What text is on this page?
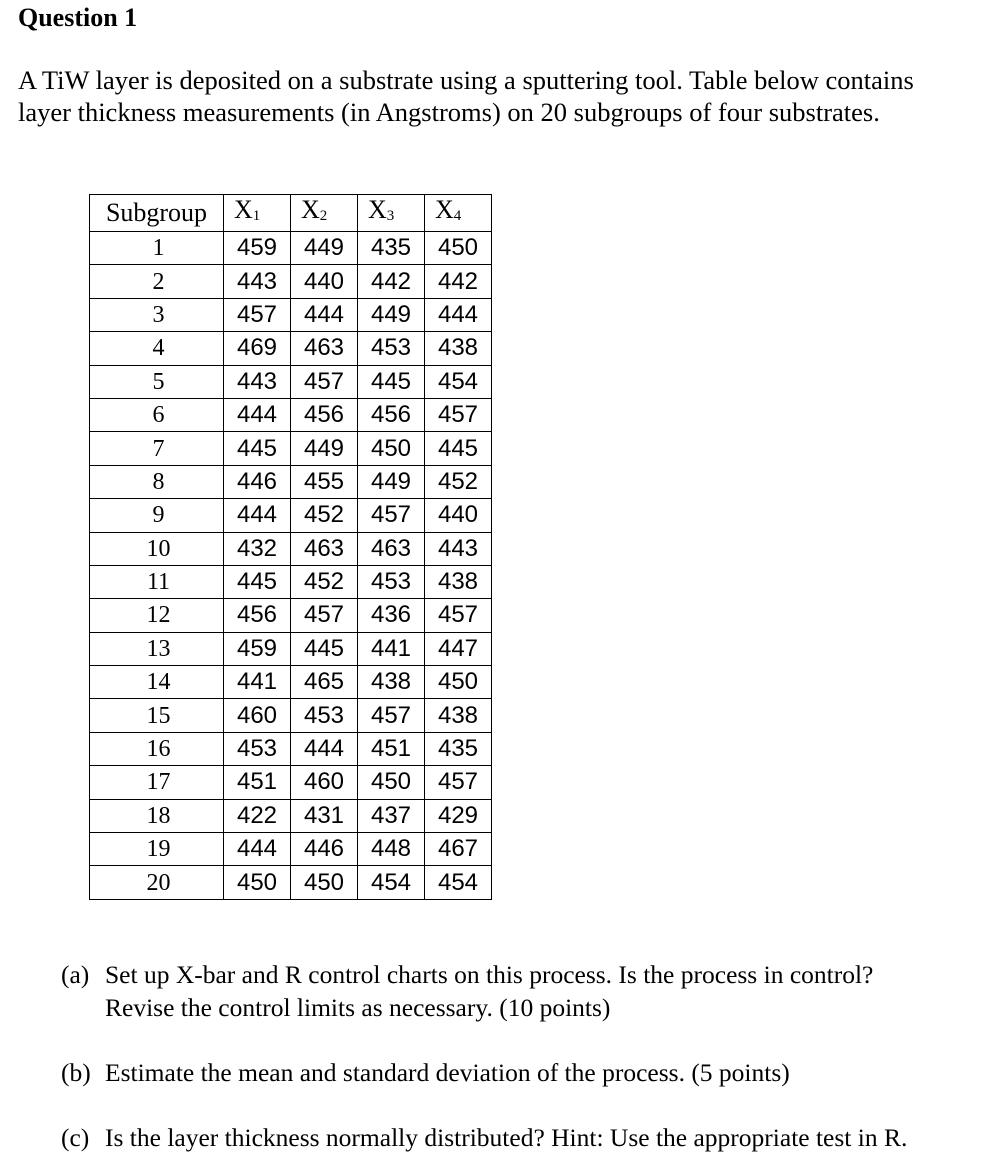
Question 1
A TiW layer is deposited on a substrate using a sputtering tool. Table below contains
layer thickness measurements (in Angstroms) on 20 subgroups of four substrates.
Subgroup	$X_1$	$X_2$	$X_3$	$X_4$
1	459	449	435	450
2	443	440	442	442
3	457	444	449	444
4	469	463	453	438
5	443	457	445	454
6	444	456	456	457
7	445	449	450	445
8	446	455	449	452
9	444	452	457	440
10	432	463	463	443
11	445	452	453	438
12	456	457	436	457
13	459	445	441	447
14	441	465	438	450
15	460	453	457	438
16	453	444	451	435
17	451	460	450	457
18	422	431	437	429
19	444	446	448	467
20	450	450	454	454
(a) Set up X-bar and R control charts on this process. Is the process in control?
Revise the control limits as necessary. (10 points)
(b) Estimate the mean and standard deviation of the process. (5 points)
(c) Is the layer thickness normally distributed? Hint: Use the appropriate test in R.
